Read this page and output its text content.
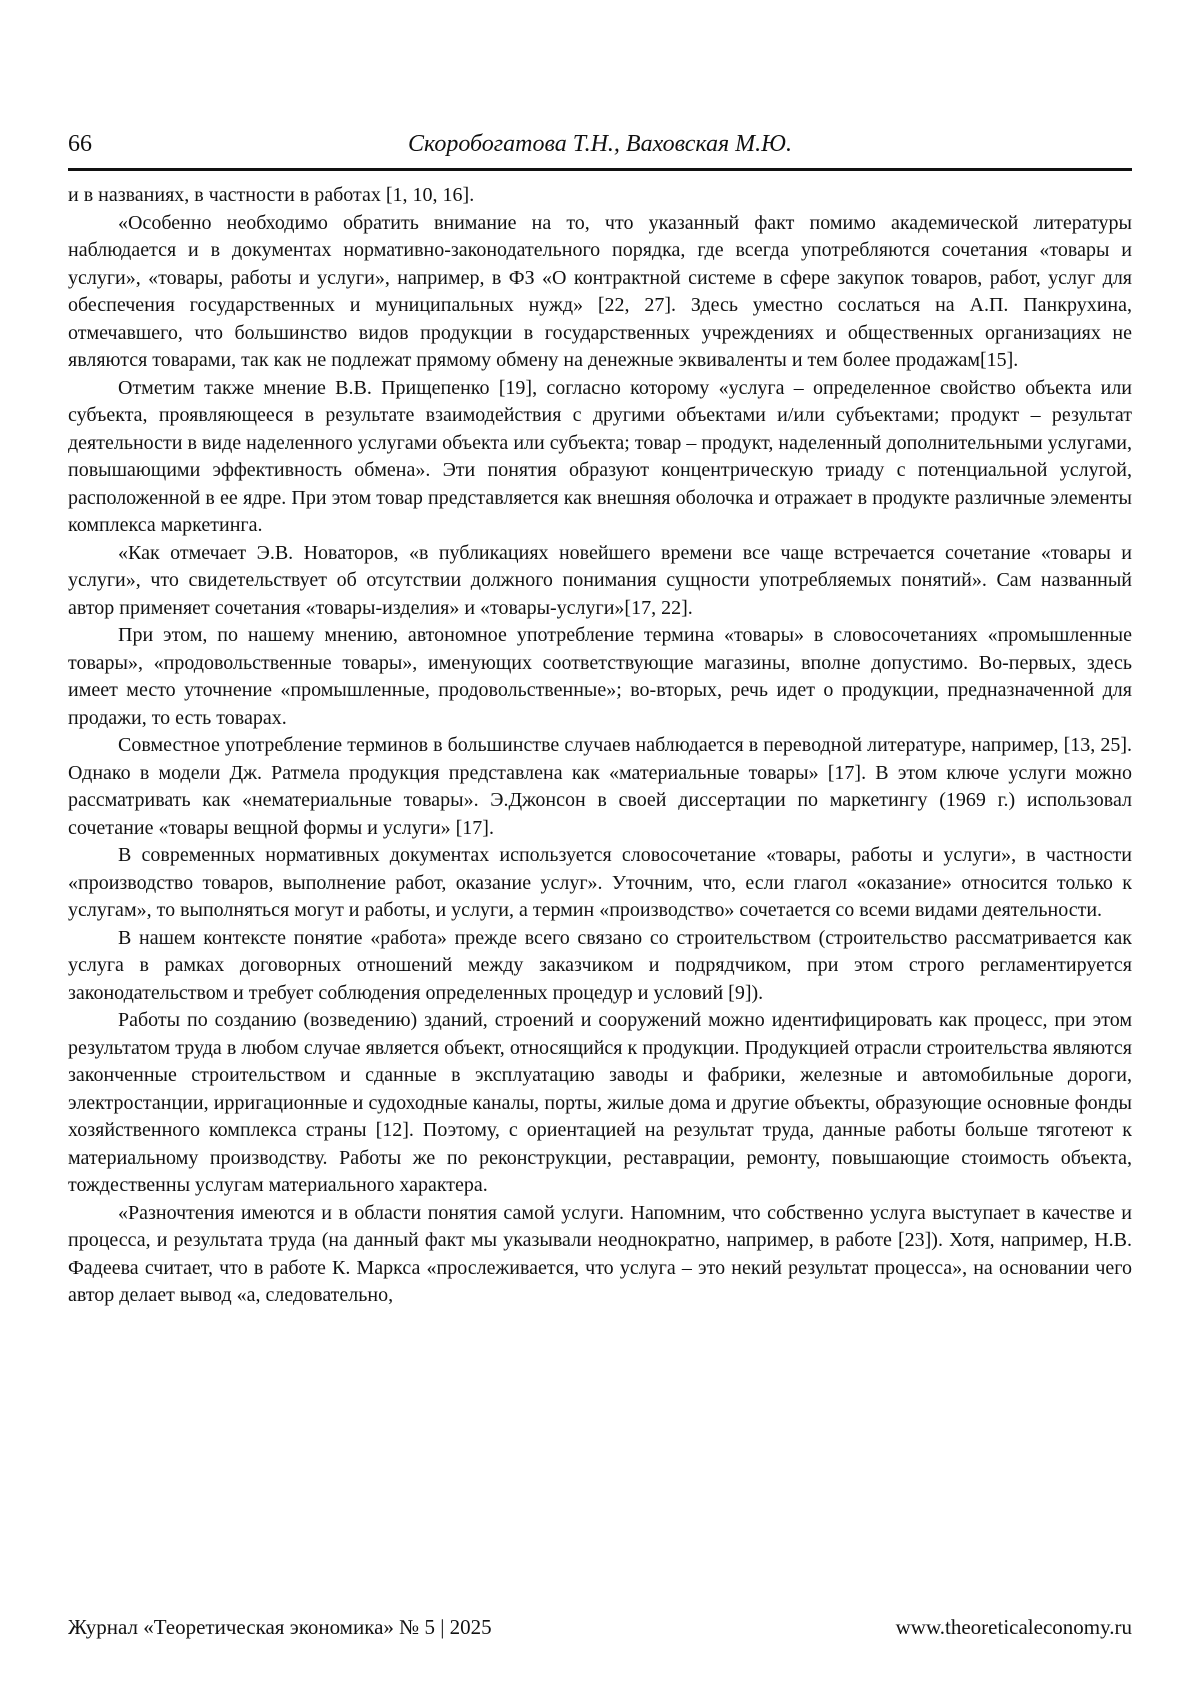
66	Скоробогатова Т.Н., Ваховская М.Ю.

и в названиях, в частности в работах [1, 10, 16].

«Особенно необходимо обратить внимание на то, что указанный факт помимо академической литературы наблюдается и в документах нормативно-законодательного порядка, где всегда употребляются сочетания «товары и услуги», «товары, работы и услуги», например, в ФЗ «О контрактной системе в сфере закупок товаров, работ, услуг для обеспечения государственных и муниципальных нужд» [22, 27]. Здесь уместно сослаться на А.П. Панкрухина, отмечавшего, что большинство видов продукции в государственных учреждениях и общественных организациях не являются товарами, так как не подлежат прямому обмену на денежные эквиваленты и тем более продажам[15].

Отметим также мнение В.В. Прищепенко [19], согласно которому «услуга – определенное свойство объекта или субъекта, проявляющееся в результате взаимодействия с другими объектами и/или субъектами; продукт – результат деятельности в виде наделенного услугами объекта или субъекта; товар – продукт, наделенный дополнительными услугами, повышающими эффективность обмена». Эти понятия образуют концентрическую триаду с потенциальной услугой, расположенной в ее ядре. При этом товар представляется как внешняя оболочка и отражает в продукте различные элементы комплекса маркетинга.

«Как отмечает Э.В. Новаторов, «в публикациях новейшего времени все чаще встречается сочетание «товары и услуги», что свидетельствует об отсутствии должного понимания сущности употребляемых понятий». Сам названный автор применяет сочетания «товары-изделия» и «товары-услуги»[17, 22].

При этом, по нашему мнению, автономное употребление термина «товары» в словосочетаниях «промышленные товары», «продовольственные товары», именующих соответствующие магазины, вполне допустимо. Во-первых, здесь имеет место уточнение «промышленные, продовольственные»; во-вторых, речь идет о продукции, предназначенной для продажи, то есть товарах.

Совместное употребление терминов в большинстве случаев наблюдается в переводной литературе, например, [13, 25]. Однако в модели Дж. Ратмела продукция представлена как «материальные товары» [17]. В этом ключе услуги можно рассматривать как «нематериальные товары». Э.Джонсон в своей диссертации по маркетингу (1969 г.) использовал сочетание «товары вещной формы и услуги» [17].

В современных нормативных документах используется словосочетание «товары, работы и услуги», в частности «производство товаров, выполнение работ, оказание услуг». Уточним, что, если глагол «оказание» относится только к услугам», то выполняться могут и работы, и услуги, а термин «производство» сочетается со всеми видами деятельности.

В нашем контексте понятие «работа» прежде всего связано со строительством (строительство рассматривается как услуга в рамках договорных отношений между заказчиком и подрядчиком, при этом строго регламентируется законодательством и требует соблюдения определенных процедур и условий [9]).

Работы по созданию (возведению) зданий, строений и сооружений можно идентифицировать как процесс, при этом результатом труда в любом случае является объект, относящийся к продукции. Продукцией отрасли строительства являются законченные строительством и сданные в эксплуатацию заводы и фабрики, железные и автомобильные дороги, электростанции, ирригационные и судоходные каналы, порты, жилые дома и другие объекты, образующие основные фонды хозяйственного комплекса страны [12]. Поэтому, с ориентацией на результат труда, данные работы больше тяготеют к материальному производству. Работы же по реконструкции, реставрации, ремонту, повышающие стоимость объекта, тождественны услугам материального характера.

«Разночтения имеются и в области понятия самой услуги. Напомним, что собственно услуга выступает в качестве и процесса, и результата труда (на данный факт мы указывали неоднократно, например, в работе [23]). Хотя, например, Н.В. Фадеева считает, что в работе К. Маркса «прослеживается, что услуга – это некий результат процесса», на основании чего автор делает вывод «а, следовательно,

Журнал «Теоретическая экономика» № 5 | 2025	www.theoreticaleconomy.ru
